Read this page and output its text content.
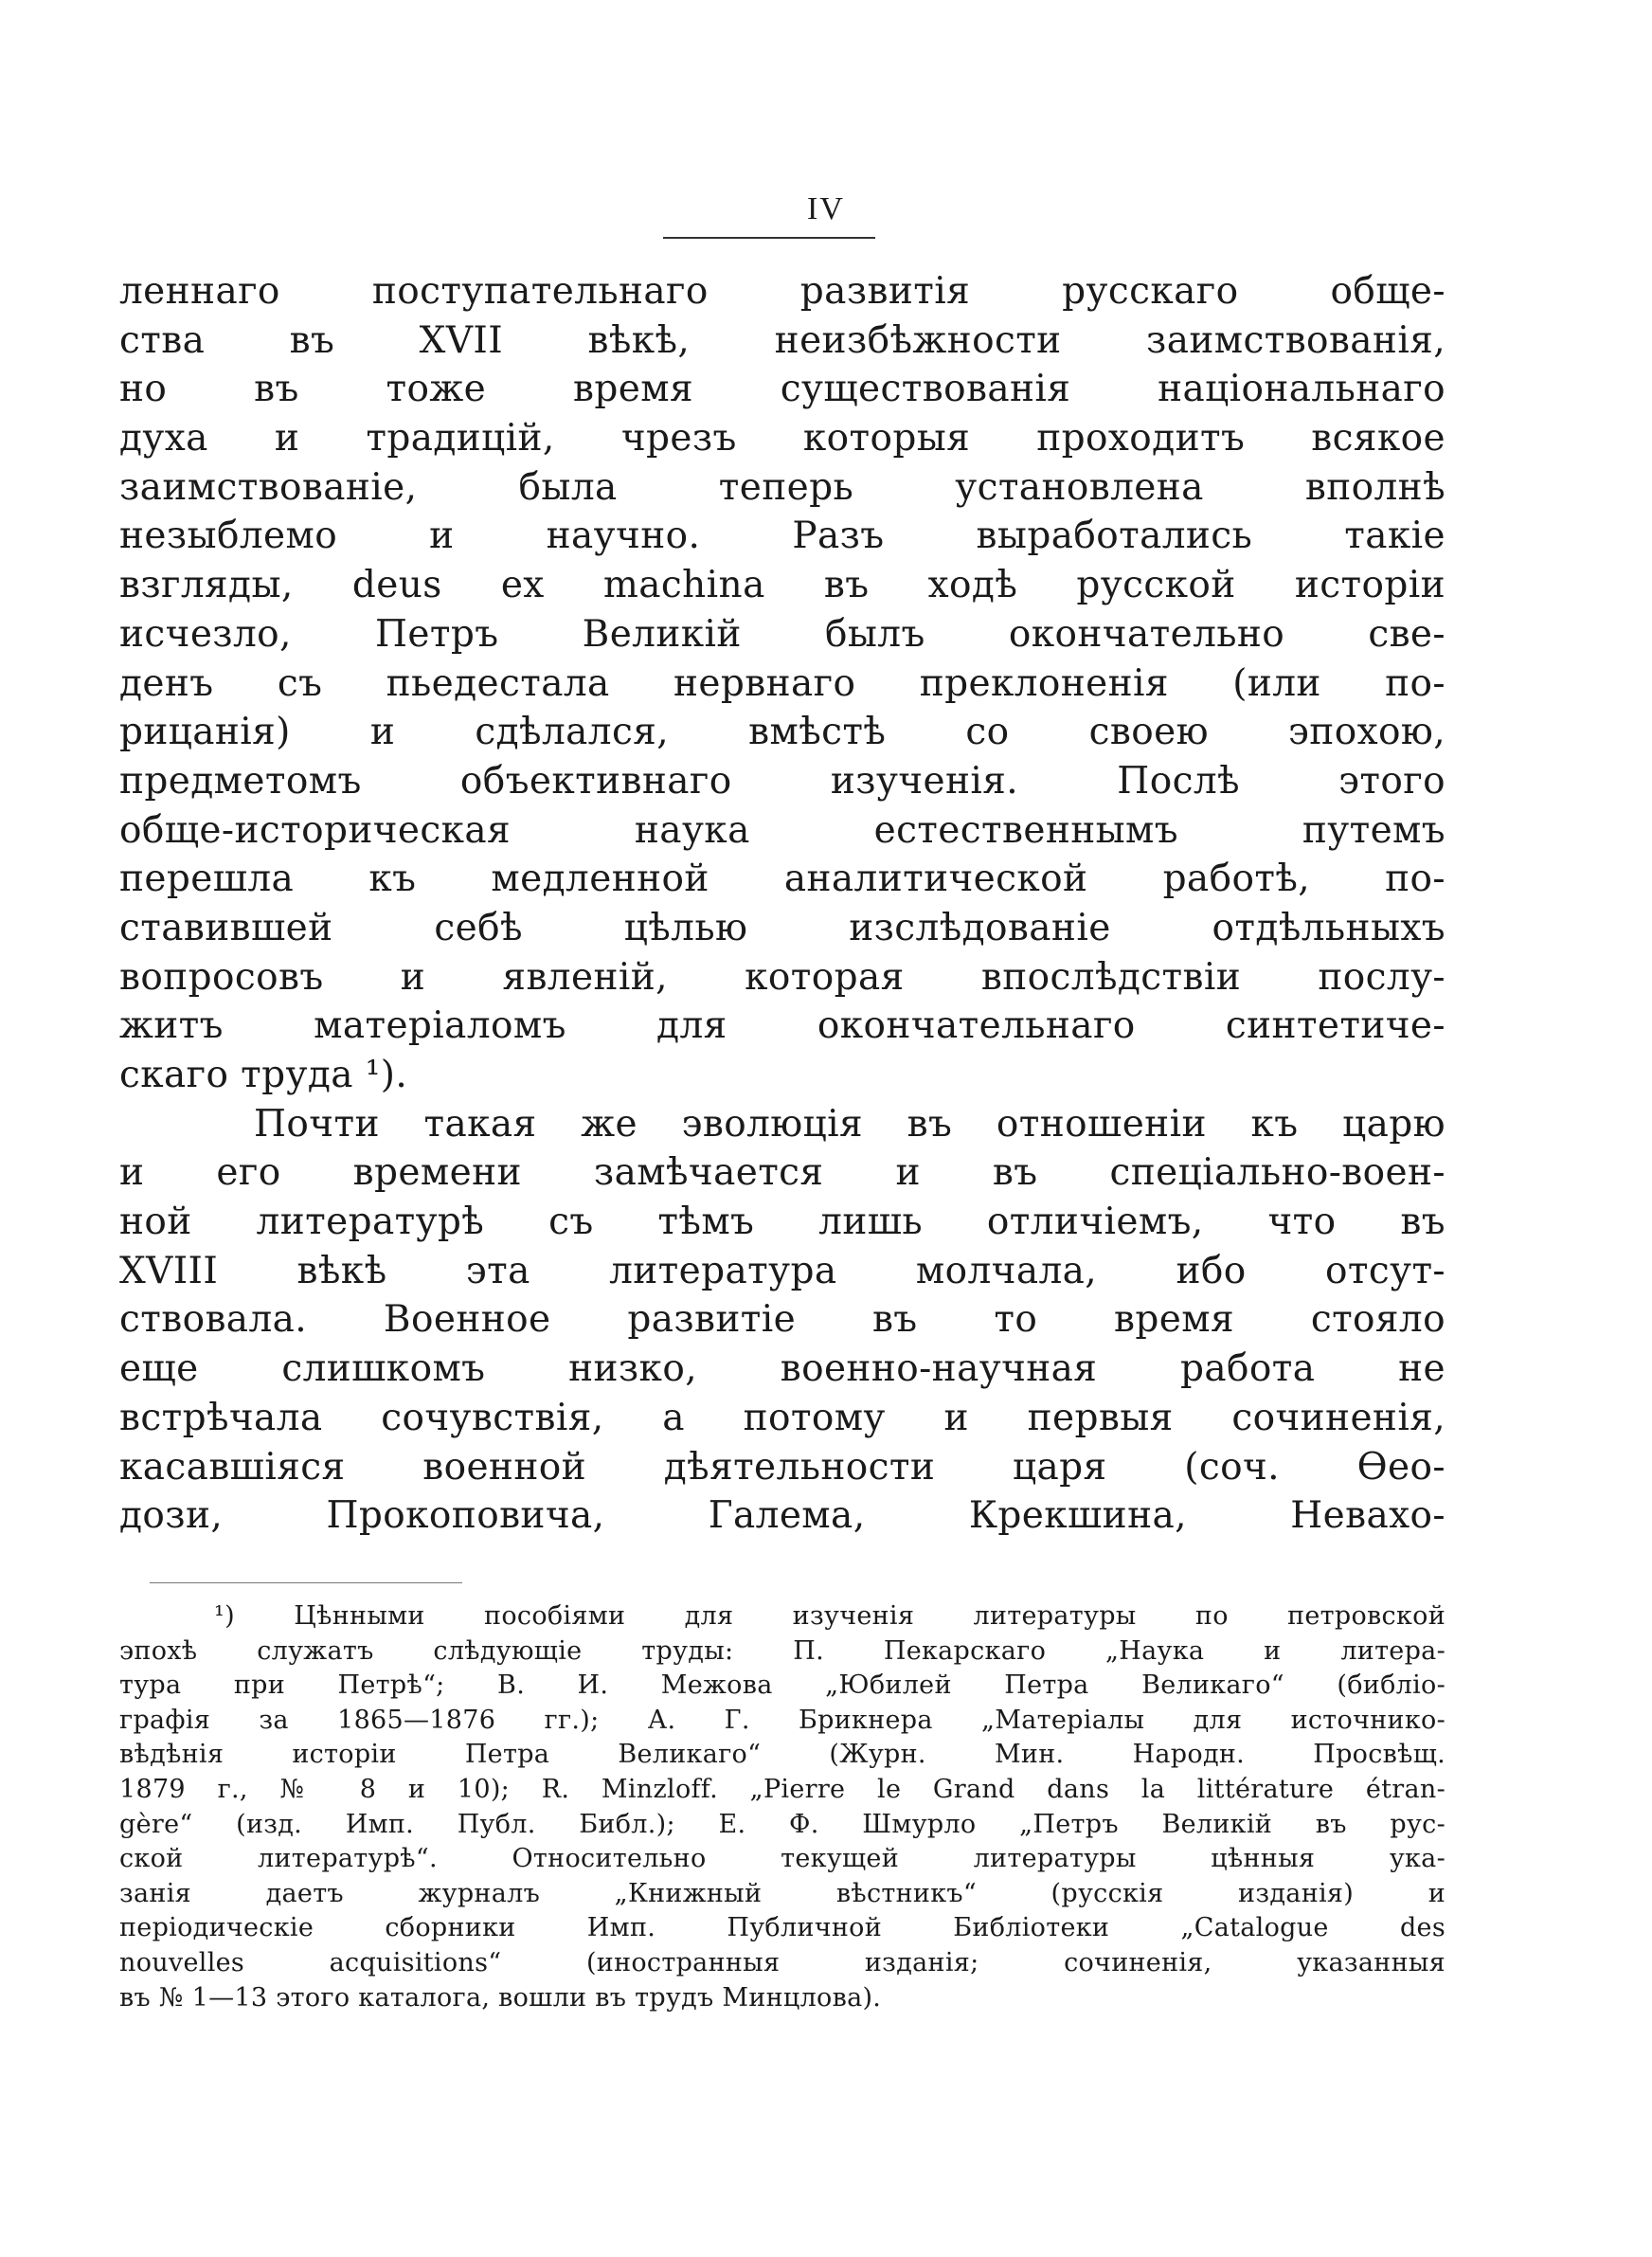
IV
леннаго поступательнаго развитія русскаго обще-
ства въ XVII вѣкѣ, неизбѣжности заимствованія,
но въ тоже время существованія національнаго
духа и традицій, чрезъ которыя проходитъ всякое
заимствованіе, была теперь установлена вполнѣ
незыблемо и научно. Разъ выработались такіе
взгляды, deus ex machina въ ходѣ русской исторіи
исчезло, Петръ Великій былъ окончательно све-
денъ съ пьедестала нервнаго преклоненія (или по-
рицанія) и сдѣлался, вмѣстѣ со своею эпохою,
предметомъ объективнаго изученія. Послѣ этого
обще-историческая наука естественнымъ путемъ
перешла къ медленной аналитической работѣ, по-
ставившей себѣ цѣлью изслѣдованіе отдѣльныхъ
вопросовъ и явленій, которая впослѣдствіи послу-
житъ матеріаломъ для окончательнаго синтетиче-
скаго труда ¹).
Почти такая же эволюція въ отношеніи къ царю
и его времени замѣчается и въ спеціально-воен-
ной литературѣ съ тѣмъ лишь отличіемъ, что въ
XVIII вѣкѣ эта литература молчала, ибо отсут-
ствовала. Военное развитіе въ то время стояло
еще слишкомъ низко, военно-научная работа не
встрѣчала сочувствія, а потому и первыя сочиненія,
касавшіяся военной дѣятельности царя (соч. Ѳео-
дози, Прокоповича, Галема, Крекшина, Невахо-
¹) Цѣнными пособіями для изученія литературы по петровской
эпохѣ служатъ слѣдующіе труды: П. Пекарскаго „Наука и литера-
тура при Петрѣ“; В. И. Межова „Юбилей Петра Великаго“ (библіо-
графія за 1865—1876 гг.); А. Г. Брикнера „Матеріалы для источнико-
вѣдѣнія исторіи Петра Великаго“ (Журн. Мин. Народн. Просвѣщ.
1879 г., № 8 и 10); R. Minzloff. „Pierre le Grand dans la littérature étran-
gère“ (изд. Имп. Публ. Библ.); Е. Ф. Шмурло „Петръ Великій въ рус-
ской литературѣ“. Относительно текущей литературы цѣнныя ука-
занія даетъ журналъ „Книжный вѣстникъ“ (русскія изданія) и
періодическіе сборники Имп. Публичной Библіотеки „Catalogue des
nouvelles acquisitions“ (иностранныя изданія; сочиненія, указанныя
въ № 1—13 этого каталога, вошли въ трудъ Минцлова).
